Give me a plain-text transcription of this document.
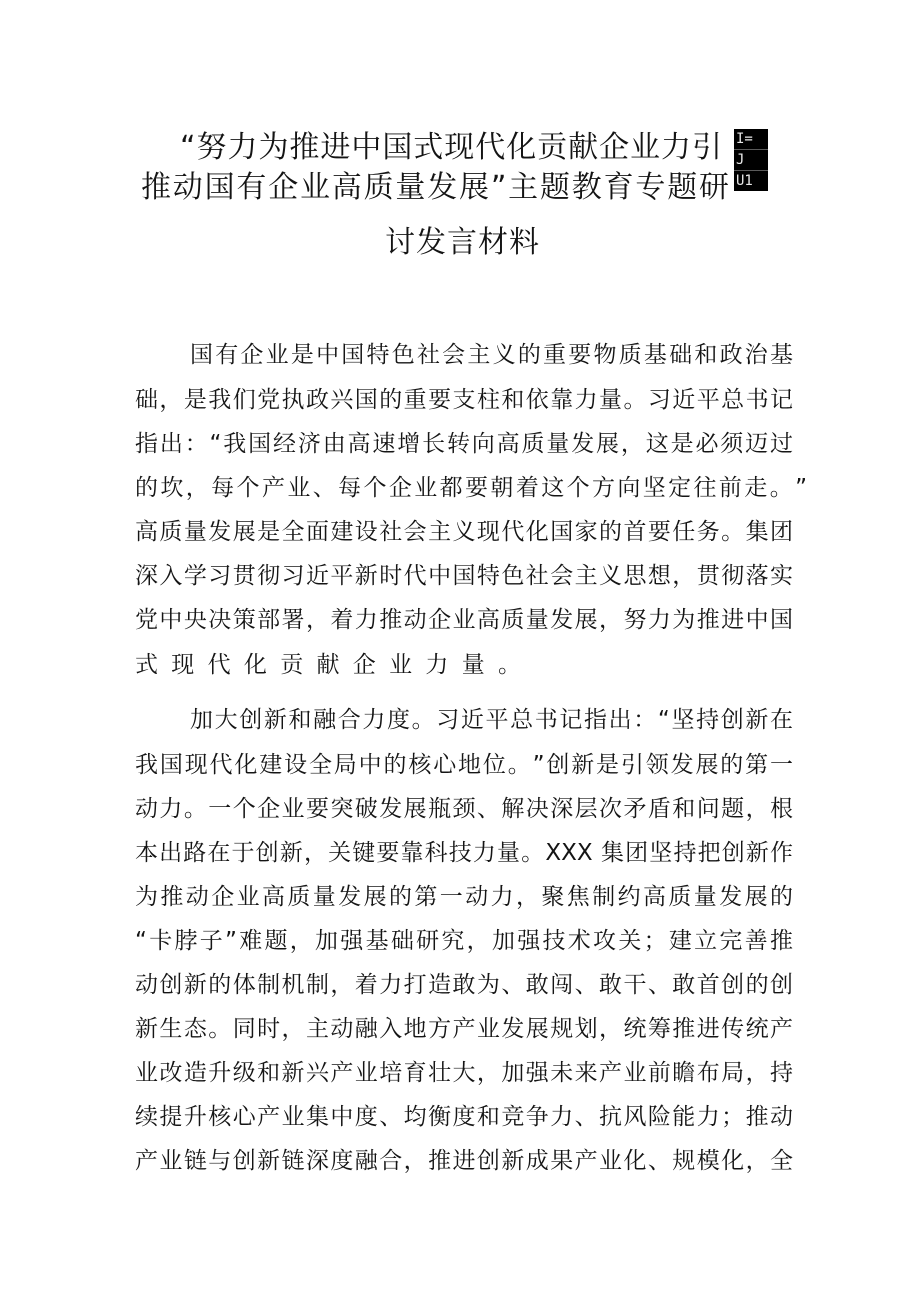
“​努​力​为​推​进​中​国​式​现​代​化​贡​献​企​业​力​引
推​动​国​有​企​业​高​质​量​发​展​”​主​题​教​育​专​题​研
讨​发​言​材​料
I=
J
U1
国​有​企​业​是​中​国​特​色​社​会​主​义​的​重​要​物​质​基​础​和​政​治​基
础​，​是​我​们​党​执​政​兴​国​的​重​要​支​柱​和​依​靠​力​量​。​习​近​平​总​书​记
指​出​：​“​我​国​经​济​由​高​速​增​长​转​向​高​质​量​发​展​，​这​是​必​须​迈​过
的​坎​，​每​个​产​业​、​每​个​企​业​都​要​朝​着​这​个​方​向​坚​定​往​前​走​。​”
高​质​量​发​展​是​全​面​建​设​社​会​主​义​现​代​化​国​家​的​首​要​任​务​。​集​团
深​入​学​习​贯​彻​习​近​平​新​时​代​中​国​特​色​社​会​主​义​思​想​，​贯​彻​落​实
党​中​央​决​策​部​署​，​着​力​推​动​企​业​高​质​量​发​展​，​努​力​为​推​进​中​国
式现代化贡献企业力量。
加​大​创​新​和​融​合​力​度​。​习​近​平​总​书​记​指​出​：​“​坚​持​创​新​在
我​国​现​代​化​建​设​全​局​中​的​核​心​地​位​。​”​创​新​是​引​领​发​展​的​第​一
动​力​。​一​个​企​业​要​突​破​发​展​瓶​颈​、​解​决​深​层​次​矛​盾​和​问​题​，​根
本​出​路​在​于​创​新​，​关​键​要​靠​科​技​力​量​。​X​X​X​ ​集​团​坚​持​把​创​新​作
为​推​动​企​业​高​质​量​发​展​的​第​一​动​力​，​聚​焦​制​约​高​质​量​发​展​的
“​卡​脖​子​”​难​题​，​加​强​基​础​研​究​，​加​强​技​术​攻​关​；​建​立​完​善​推
动​创​新​的​体​制​机​制​，​着​力​打​造​敢​为​、​敢​闯​、​敢​干​、​敢​首​创​的​创
新​生​态​。​同​时​，​主​动​融​入​地​方​产​业​发​展​规​划​，​统​筹​推​进​传​统​产
业​改​造​升​级​和​新​兴​产​业​培​育​壮​大​，​加​强​未​来​产​业​前​瞻​布​局​，​持
续​提​升​核​心​产​业​集​中​度​、​均​衡​度​和​竞​争​力​、​抗​风​险​能​力​；​推​动
产​业​链​与​创​新​链​深​度​融​合​，​推​进​创​新​成​果​产​业​化​、​规​模​化​，​全
